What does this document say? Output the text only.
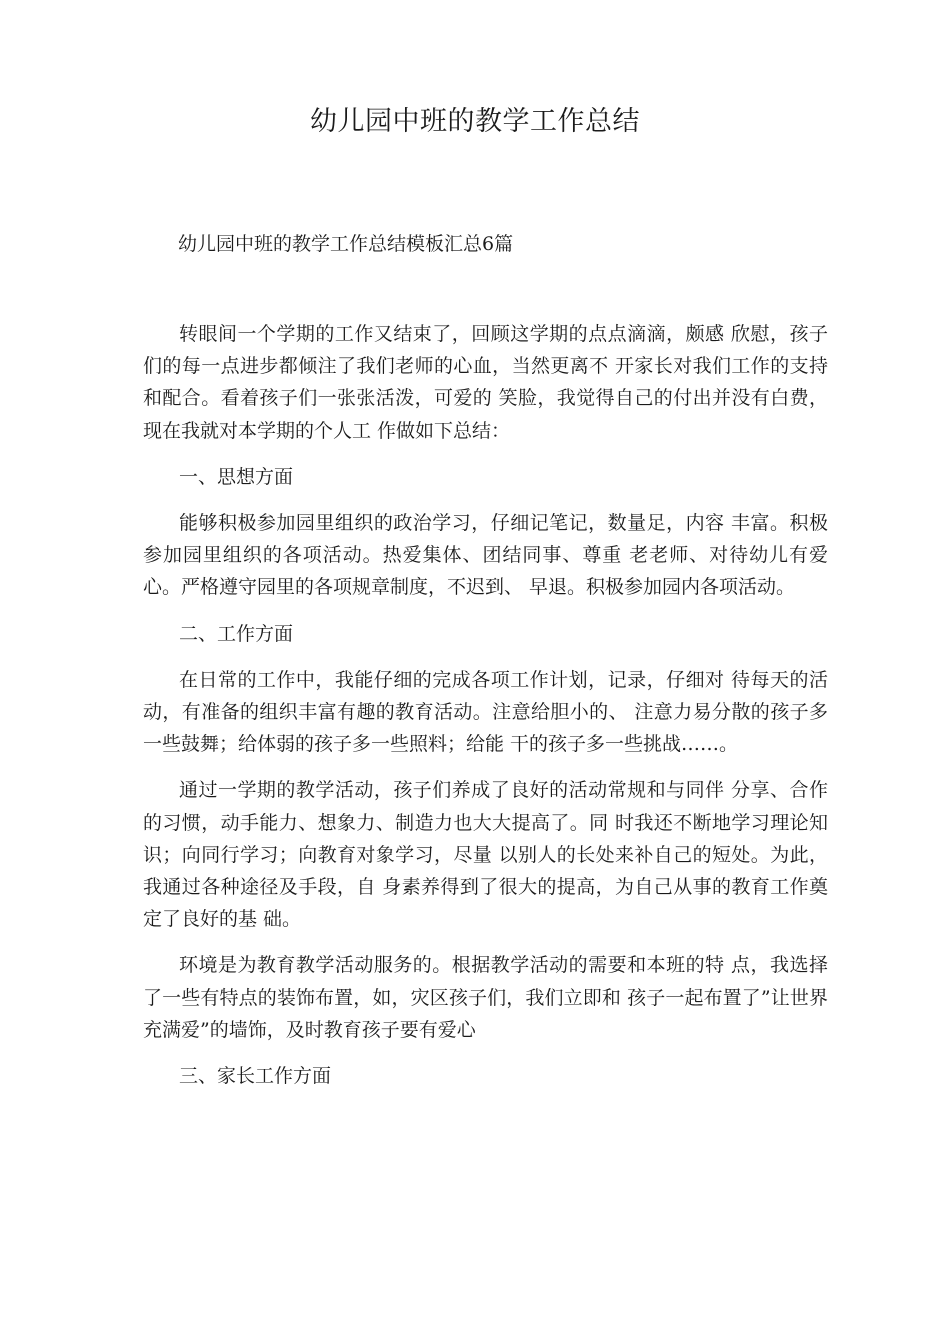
幼儿园中班的教学工作总结

幼儿园中班的教学工作总结模板汇总6篇

转眼间一个学期的工作又结束了，回顾这学期的点点滴滴，颇感 欣慰，孩子们的每一点进步都倾注了我们老师的心血，当然更离不 开家长对我们工作的支持和配合。看着孩子们一张张活泼，可爱的 笑脸，我觉得自己的付出并没有白费，现在我就对本学期的个人工 作做如下总结：

一、思想方面

能够积极参加园里组织的政治学习，仔细记笔记，数量足，内容 丰富。积极参加园里组织的各项活动。热爱集体、团结同事、尊重 老老师、对待幼儿有爱心。严格遵守园里的各项规章制度，不迟到、 早退。积极参加园内各项活动。

二、工作方面

在日常的工作中，我能仔细的完成各项工作计划，记录，仔细对 待每天的活动，有准备的组织丰富有趣的教育活动。注意给胆小的、 注意力易分散的孩子多一些鼓舞；给体弱的孩子多一些照料；给能 干的孩子多一些挑战……。

通过一学期的教学活动，孩子们养成了良好的活动常规和与同伴 分享、合作的习惯，动手能力、想象力、制造力也大大提高了。同 时我还不断地学习理论知识；向同行学习；向教育对象学习，尽量 以别人的长处来补自己的短处。为此，我通过各种途径及手段，自 身素养得到了很大的提高，为自己从事的教育工作奠定了良好的基 础。

环境是为教育教学活动服务的。根据教学活动的需要和本班的特 点，我选择了一些有特点的装饰布置，如，灾区孩子们，我们立即和 孩子一起布置了”让世界充满爱”的墙饰，及时教育孩子要有爱心

三、家长工作方面
